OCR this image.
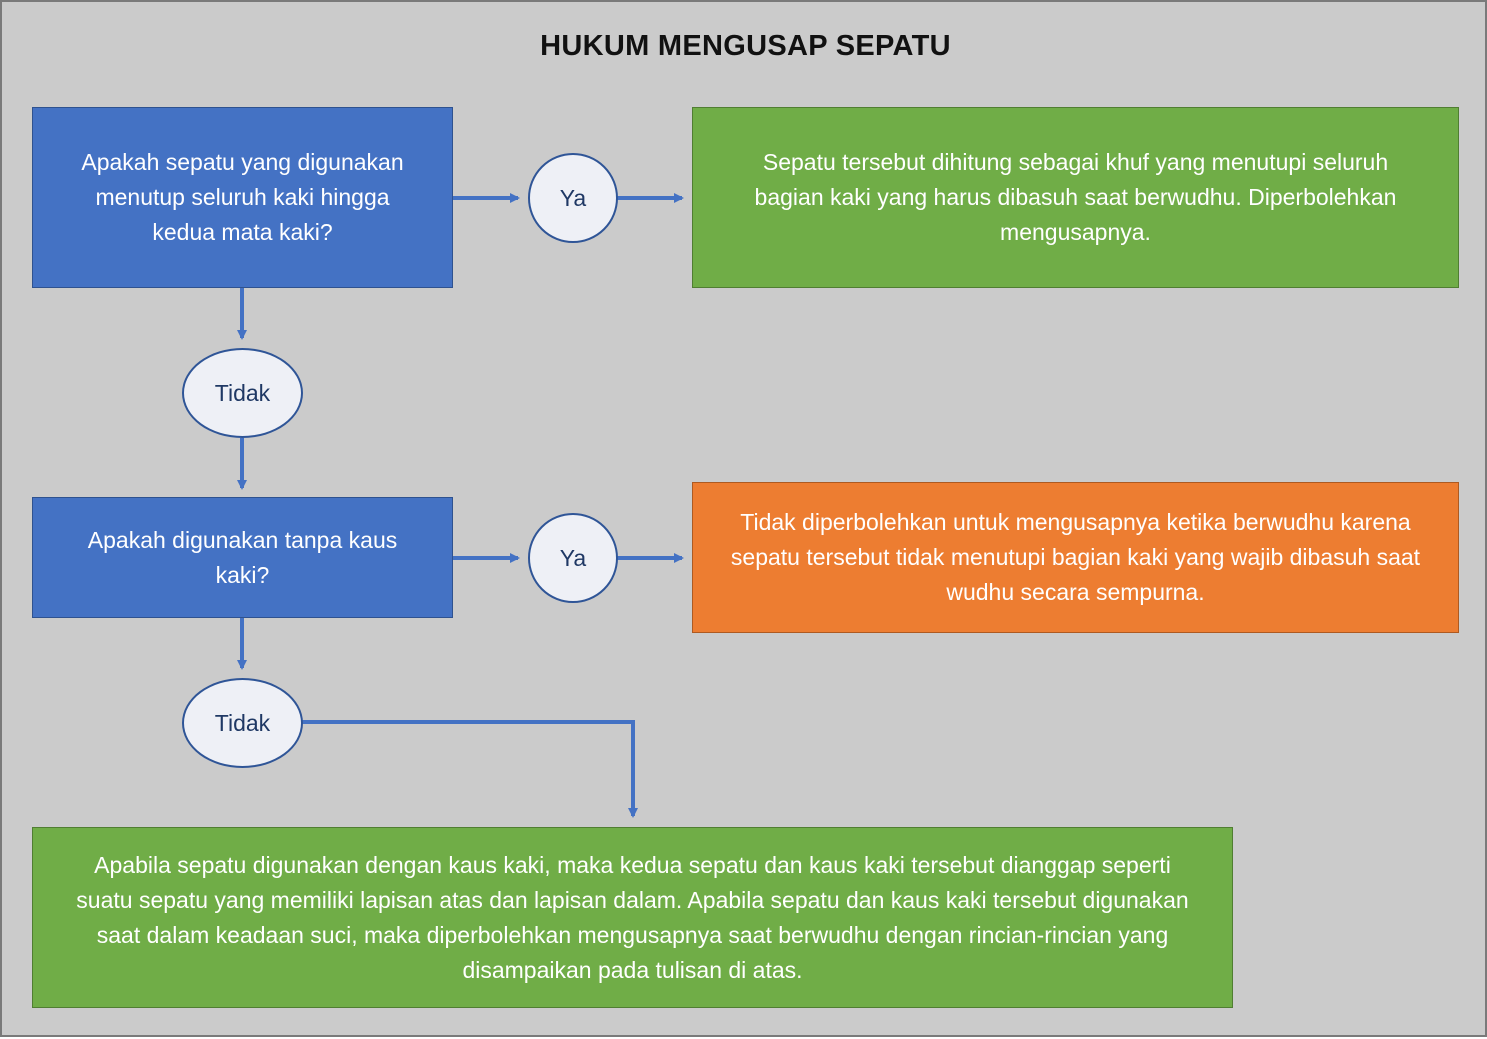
HUKUM MENGUSAP SEPATU
Apakah sepatu yang digunakan menutup seluruh kaki hingga kedua mata kaki?
Ya
Sepatu tersebut dihitung sebagai khuf yang menutupi seluruh bagian kaki yang harus dibasuh saat berwudhu. Diperbolehkan mengusapnya.
Tidak
Apakah digunakan tanpa kaus kaki?
Ya
Tidak diperbolehkan untuk mengusapnya ketika berwudhu karena sepatu tersebut tidak menutupi bagian kaki yang wajib dibasuh saat wudhu secara sempurna.
Tidak
Apabila sepatu digunakan dengan kaus kaki, maka kedua sepatu dan kaus kaki tersebut dianggap seperti suatu sepatu yang memiliki lapisan atas dan lapisan dalam. Apabila sepatu dan kaus kaki tersebut digunakan saat dalam keadaan suci, maka diperbolehkan mengusapnya saat berwudhu dengan rincian-rincian yang disampaikan pada tulisan di atas.
